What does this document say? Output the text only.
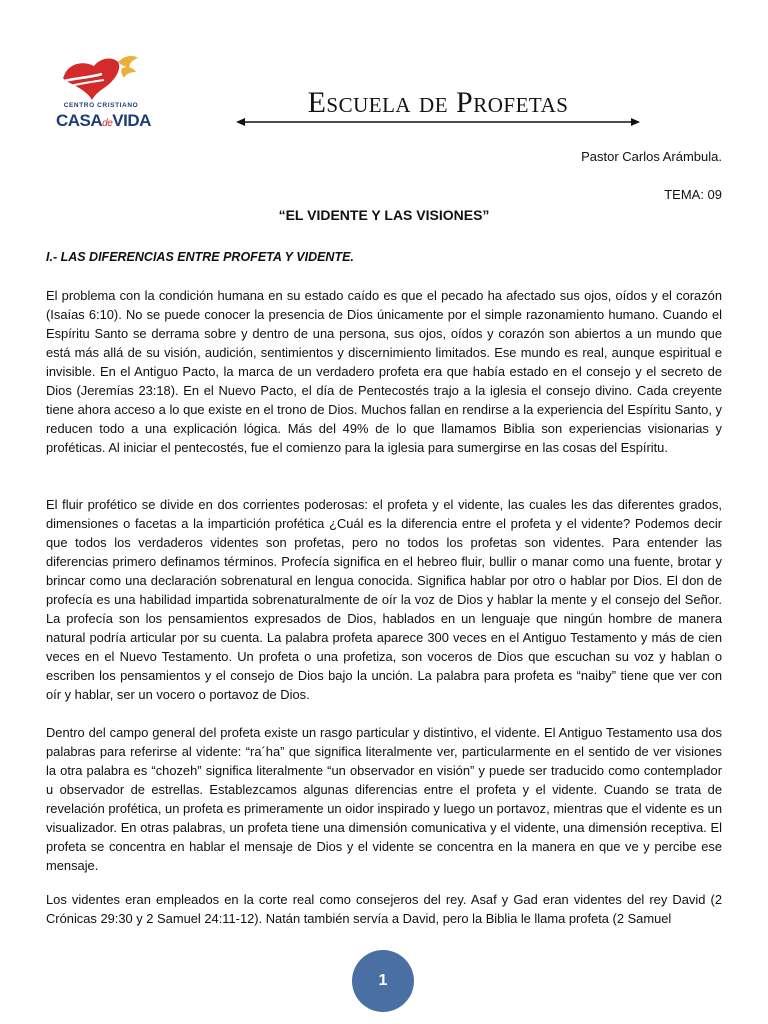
CENTRO CRISTIANO
CASAdeVIDA
Escuela de Profetas
Pastor Carlos Arámbula.
TEMA: 09
“EL VIDENTE Y LAS VISIONES”
I.- LAS DIFERENCIAS ENTRE PROFETA Y VIDENTE.

El problema con la condición humana en su estado caído es que el pecado ha afectado sus ojos, oídos y el corazón (Isaías 6:10). No se puede conocer la presencia de Dios únicamente por el simple razonamiento humano. Cuando el Espíritu Santo se derrama sobre y dentro de una persona, sus ojos, oídos y corazón son abiertos a un mundo que está más allá de su visión, audición, sentimientos y discernimiento limitados. Ese mundo es real, aunque espiritual e invisible. En el Antiguo Pacto, la marca de un verdadero profeta era que había estado en el consejo y el secreto de Dios (Jeremías 23:18). En el Nuevo Pacto, el día de Pentecostés trajo a la iglesia el consejo divino. Cada creyente tiene ahora acceso a lo que existe en el trono de Dios. Muchos fallan en rendirse a la experiencia del Espíritu Santo, y reducen todo a una explicación lógica. Más del 49% de lo que llamamos Biblia son experiencias visionarias y proféticas. Al iniciar el pentecostés, fue el comienzo para la iglesia para sumergirse en las cosas del Espíritu.

El fluir profético se divide en dos corrientes poderosas: el profeta y el vidente, las cuales les das diferentes grados, dimensiones o facetas a la impartición profética ¿Cuál es la diferencia entre el profeta y el vidente? Podemos decir que todos los verdaderos videntes son profetas, pero no todos los profetas son videntes. Para entender las diferencias primero definamos términos. Profecía significa en el hebreo fluir, bullir o manar como una fuente, brotar y brincar como una declaración sobrenatural en lengua conocida. Significa hablar por otro o hablar por Dios. El don de profecía es una habilidad impartida sobrenaturalmente de oír la voz de Dios y hablar la mente y el consejo del Señor. La profecía son los pensamientos expresados de Dios, hablados en un lenguaje que ningún hombre de manera natural podría articular por su cuenta. La palabra profeta aparece 300 veces en el Antiguo Testamento y más de cien veces en el Nuevo Testamento. Un profeta o una profetiza, son voceros de Dios que escuchan su voz y hablan o escriben los pensamientos y el consejo de Dios bajo la unción. La palabra para profeta es “naiby” tiene que ver con oír y hablar, ser un vocero o portavoz de Dios.

Dentro del campo general del profeta existe un rasgo particular y distintivo, el vidente. El Antiguo Testamento usa dos palabras para referirse al vidente: “ra´ha” que significa literalmente ver, particularmente en el sentido de ver visiones la otra palabra es “chozeh” significa literalmente “un observador en visión” y puede ser traducido como contemplador u observador de estrellas. Establezcamos algunas diferencias entre el profeta y el vidente. Cuando se trata de revelación profética, un profeta es primeramente un oidor inspirado y luego un portavoz, mientras que el vidente es un visualizador. En otras palabras, un profeta tiene una dimensión comunicativa y el vidente, una dimensión receptiva. El profeta se concentra en hablar el mensaje de Dios y el vidente se concentra en la manera en que ve y percibe ese mensaje.

Los videntes eran empleados en la corte real como consejeros del rey. Asaf y Gad eran videntes del rey David (2 Crónicas 29:30 y 2 Samuel 24:11-12). Natán también servía a David, pero la Biblia le llama profeta (2 Samuel

1
